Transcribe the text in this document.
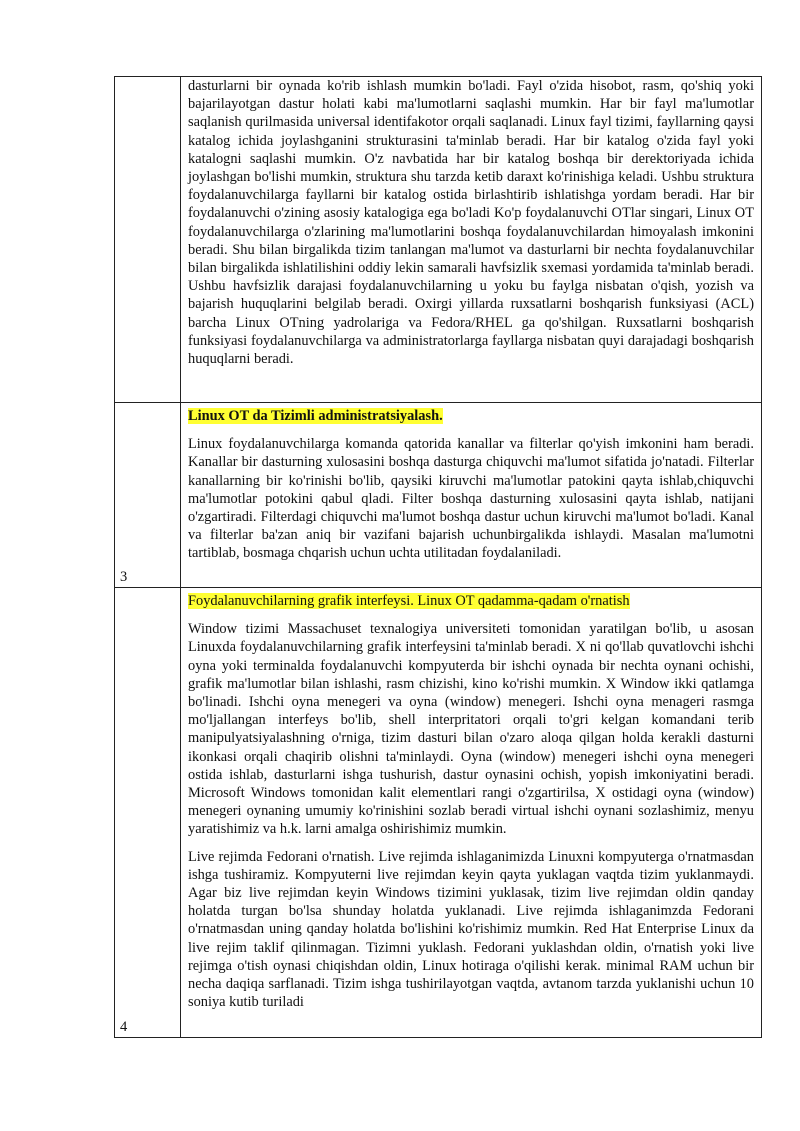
	dasturlarni bir oynada ko'rib ishlash mumkin bo'ladi. Fayl o'zida hisobot, rasm, qo'shiq yoki bajarilayotgan dastur holati kabi ma'lumotlarni saqlashi mumkin. Har bir fayl ma'lumotlar saqlanish qurilmasida universal identifakotor orqali saqlanadi. Linux fayl tizimi, fayllarning qaysi katalog ichida joylashganini strukturasini ta'minlab beradi. Har bir katalog o'zida fayl yoki katalogni saqlashi mumkin. O'z navbatida har bir katalog boshqa bir derektoriyada ichida joylashgan bo'lishi mumkin, struktura shu tarzda ketib daraxt ko'rinishiga keladi. Ushbu struktura foydalanuvchilarga fayllarni bir katalog ostida birlashtirib ishlatishga yordam beradi. Har bir foydalanuvchi o'zining asosiy katalogiga ega bo'ladi Ko'p foydalanuvchi OTlar singari, Linux OT foydalanuvchilarga o'zlarining ma'lumotlarini boshqa foydalanuvchilardan himoyalash imkonini beradi. Shu bilan birgalikda tizim tanlangan ma'lumot va dasturlarni bir nechta foydalanuvchilar bilan birgalikda ishlatilishini oddiy lekin samarali havfsizlik sxemasi yordamida ta'minlab beradi. Ushbu havfsizlik darajasi foydalanuvchilarning u yoku bu faylga nisbatan o'qish, yozish va bajarish huquqlarini belgilab beradi. Oxirgi yillarda ruxsatlarni boshqarish funksiyasi (ACL) barcha Linux OTning yadrolariga va Fedora/RHEL ga qo'shilgan. Ruxsatlarni boshqarish funksiyasi foydalanuvchilarga va administratorlarga fayllarga nisbatan quyi darajadagi boshqarish huquqlarni beradi.

3	Linux OT da Tizimli administratsiyalash.

Linux foydalanuvchilarga komanda qatorida kanallar va filterlar qo'yish imkonini ham beradi. Kanallar bir dasturning xulosasini boshqa dasturga chiquvchi ma'lumot sifatida jo'natadi. Filterlar kanallarning bir ko'rinishi bo'lib, qaysiki kiruvchi ma'lumotlar patokini qayta ishlab,chiquvchi ma'lumotlar potokini qabul qladi. Filter boshqa dasturning xulosasini qayta ishlab, natijani o'zgartiradi. Filterdagi chiquvchi ma'lumot boshqa dastur uchun kiruvchi ma'lumot bo'ladi. Kanal va filterlar ba'zan aniq bir vazifani bajarish uchunbirgalikda ishlaydi. Masalan ma'lumotni tartiblab, bosmaga chqarish uchun uchta utilitadan foydalaniladi.

4	Foydalanuvchilarning grafik interfeysi. Linux OT qadamma-qadam o'rnatish

Window tizimi Massachuset texnalogiya universiteti tomonidan yaratilgan bo'lib, u asosan Linuxda foydalanuvchilarning grafik interfeysini ta'minlab beradi. X ni qo'llab quvatlovchi ishchi oyna yoki terminalda foydalanuvchi kompyuterda bir ishchi oynada bir nechta oynani ochishi, grafik ma'lumotlar bilan ishlashi, rasm chizishi, kino ko'rishi mumkin. X Window ikki qatlamga bo'linadi. Ishchi oyna menegeri va oyna (window) menegeri. Ishchi oyna menageri rasmga mo'ljallangan interfeys bo'lib, shell interpritatori orqali to'gri kelgan komandani terib manipulyatsiyalashning o'rniga, tizim dasturi bilan o'zaro aloqa qilgan holda kerakli dasturni ikonkasi orqali chaqirib olishni ta'minlaydi. Oyna (window) menegeri ishchi oyna menegeri ostida ishlab, dasturlarni ishga tushurish, dastur oynasini ochish, yopish imkoniyatini beradi. Microsoft Windows tomonidan kalit elementlari rangi o'zgartirilsa, X ostidagi oyna (window) menegeri oynaning umumiy ko'rinishini sozlab beradi virtual ishchi oynani sozlashimiz, menyu yaratishimiz va h.k. larni amalga oshirishimiz mumkin.

Live rejimda Fedorani o'rnatish. Live rejimda ishlaganimizda Linuxni kompyuterga o'rnatmasdan ishga tushiramiz. Kompyuterni live rejimdan keyin qayta yuklagan vaqtda tizim yuklanmaydi. Agar biz live rejimdan keyin Windows tizimini yuklasak, tizim live rejimdan oldin qanday holatda turgan bo'lsa shunday holatda yuklanadi. Live rejimda ishlaganimzda Fedorani o'rnatmasdan uning qanday holatda bo'lishini ko'rishimiz mumkin. Red Hat Enterprise Linux da live rejim taklif qilinmagan. Tizimni yuklash. Fedorani yuklashdan oldin, o'rnatish yoki live rejimga o'tish oynasi chiqishdan oldin, Linux hotiraga o'qilishi kerak. minimal RAM uchun bir necha daqiqa sarflanadi. Tizim ishga tushirilayotgan vaqtda, avtanom tarzda yuklanishi uchun 10 soniya kutib turiladi
